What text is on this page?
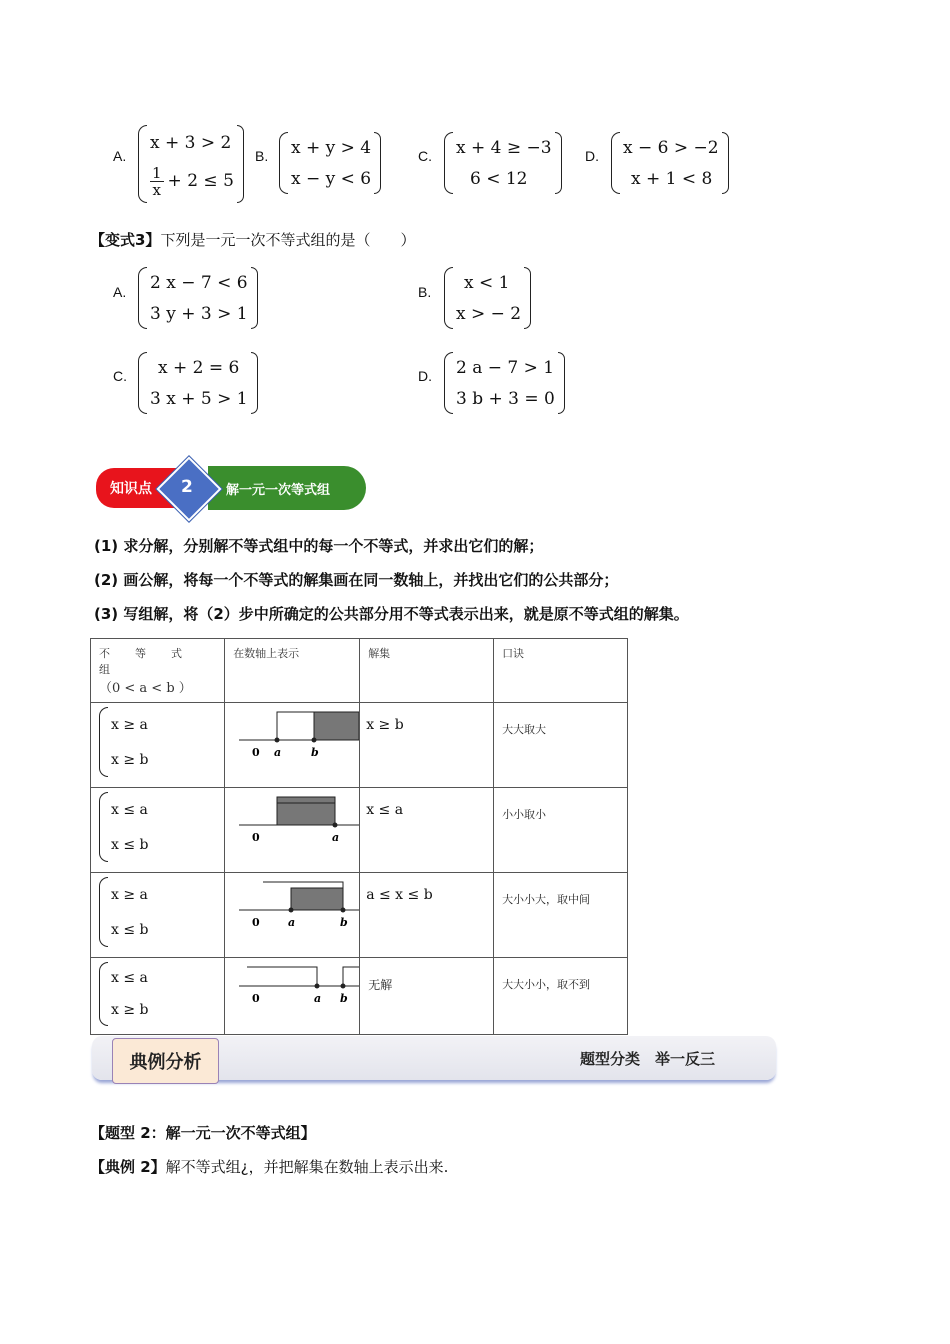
A.
x + 3 > 2
$\frac{1}{x} + 2 \le 5$
B. x + y > 4
x − y < 6
C. x + 4 ≥ −3
6 < 12
D. x − 6 > −2
x + 1 < 8
【变式3】下列是一元一次不等式组的是（　　）
A. 2 x − 7 < 6
3 y + 3 > 1
B.	x < 1
x > − 2
C.	x + 2 = 6
3 x + 5 > 1
D. 2 a − 7 > 1
3 b + 3 = 0
知识点	解一元一次等式组
2
(1) 求分解，分别解不等式组中的每一个不等式，并求出它们的解；
(2) 画公解，将每一个不等式的解集画在同一数轴上，并找出它们的公共部分；
(3) 写组解，将（2）步中所确定的公共部分用不等式表示出来，就是原不等式组的解集。
不　　等　　式　　组
（0 < a < b ）	在数轴上表示	解集	口诀

x ≥ a
x ≥ b	0 a b	x ≥ b	大大取大

x ≤ a
x ≤ b	0 a	x ≤ a	小小取小

x ≥ a
x ≤ b	0 a b	a ≤ x ≤ b	大小小大，取中间

x ≤ a
x ≥ b	0 a b	无解	大大小小，取不到
典例分析	题型分类　举一反三
【题型 2：解一元一次不等式组】
【典例 2】解不等式组¿，并把解集在数轴上表示出来.
